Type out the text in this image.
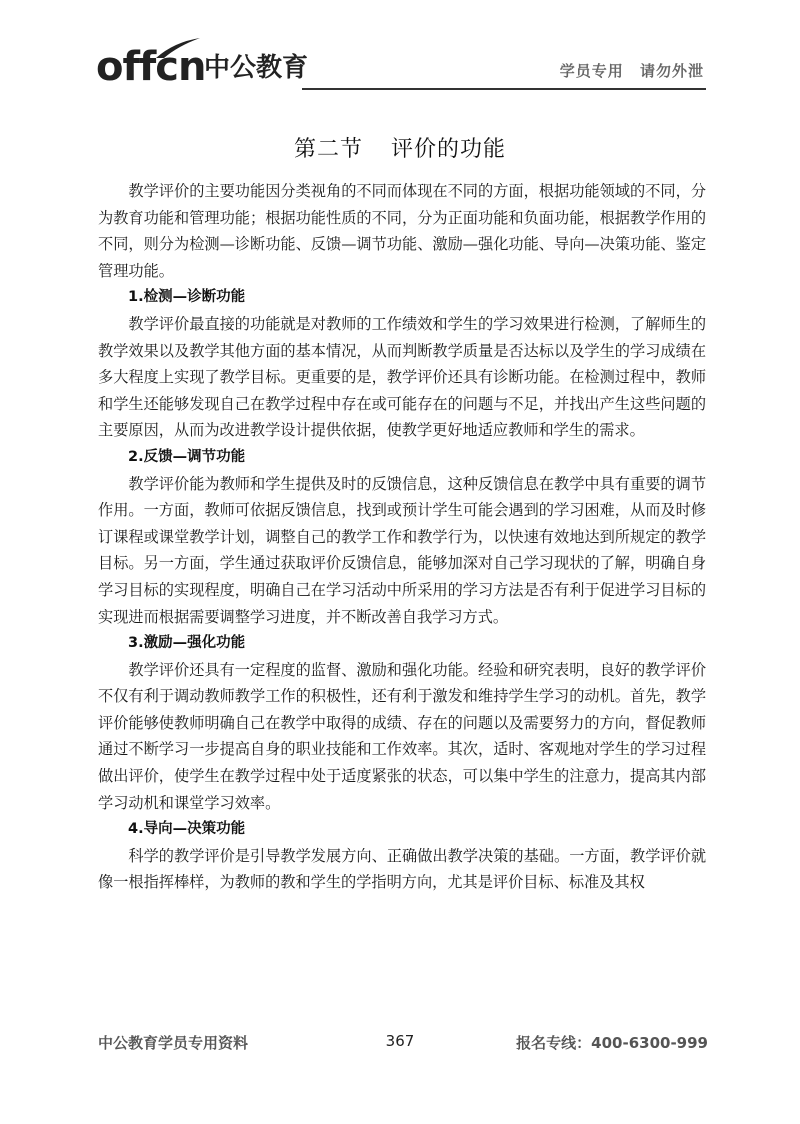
offcn
中公教育	学员专用 请勿外泄
第二节 评价的功能

教学评价的主要功能因分类视角的不同而体现在不同的方面，根据功能领域的不同，分为教育功能和管理功能；根据功能性质的不同，分为正面功能和负面功能，根据教学作用的不同，则分为检测—诊断功能、反馈—调节功能、激励—强化功能、导向—决策功能、鉴定管理功能。

1.检测—诊断功能

教学评价最直接的功能就是对教师的工作绩效和学生的学习效果进行检测，了解师生的教学效果以及教学其他方面的基本情况，从而判断教学质量是否达标以及学生的学习成绩在多大程度上实现了教学目标。更重要的是，教学评价还具有诊断功能。在检测过程中，教师和学生还能够发现自己在教学过程中存在或可能存在的问题与不足，并找出产生这些问题的主要原因，从而为改进教学设计提供依据，使教学更好地适应教师和学生的需求。

2.反馈—调节功能

教学评价能为教师和学生提供及时的反馈信息，这种反馈信息在教学中具有重要的调节作用。一方面，教师可依据反馈信息，找到或预计学生可能会遇到的学习困难，从而及时修订课程或课堂教学计划，调整自己的教学工作和教学行为，以快速有效地达到所规定的教学目标。另一方面，学生通过获取评价反馈信息，能够加深对自己学习现状的了解，明确自身学习目标的实现程度，明确自己在学习活动中所采用的学习方法是否有利于促进学习目标的实现进而根据需要调整学习进度，并不断改善自我学习方式。

3.激励—强化功能

教学评价还具有一定程度的监督、激励和强化功能。经验和研究表明，良好的教学评价不仅有利于调动教师教学工作的积极性，还有利于激发和维持学生学习的动机。首先，教学评价能够使教师明确自己在教学中取得的成绩、存在的问题以及需要努力的方向，督促教师通过不断学习一步提高自身的职业技能和工作效率。其次，适时、客观地对学生的学习过程做出评价，使学生在教学过程中处于适度紧张的状态，可以集中学生的注意力，提高其内部学习动机和课堂学习效率。

4.导向—决策功能

科学的教学评价是引导教学发展方向、正确做出教学决策的基础。一方面，教学评价就像一根指挥棒样，为教师的教和学生的学指明方向，尤其是评价目标、标准及其权

中公教育学员专用资料	367	报名专线：400-6300-999
